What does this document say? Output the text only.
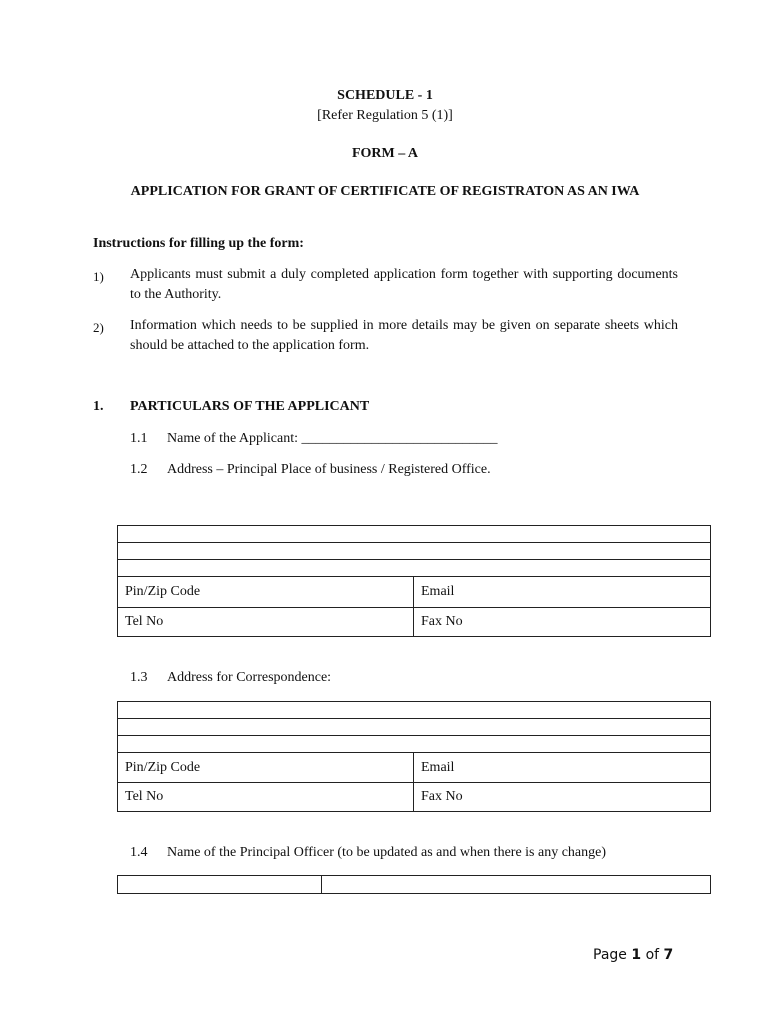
SCHEDULE - 1
[Refer Regulation 5 (1)]
FORM – A
APPLICATION FOR GRANT OF CERTIFICATE OF REGISTRATON AS AN IWA
Instructions for filling up the form:
1) Applicants must submit a duly completed application form together with supporting documents to the Authority.
2) Information which needs to be supplied in more details may be given on separate sheets which should be attached to the application form.
1. PARTICULARS OF THE APPLICANT
1.1 Name of the Applicant: ____________________________
1.2 Address – Principal Place of business / Registered Office.

Pin/Zip Code	Email
Tel No	Fax No
1.3 Address for Correspondence:

Pin/Zip Code	Email
Tel No	Fax No
1.4 Name of the Principal Officer (to be updated as and when there is any change)

Page 1 of 7
